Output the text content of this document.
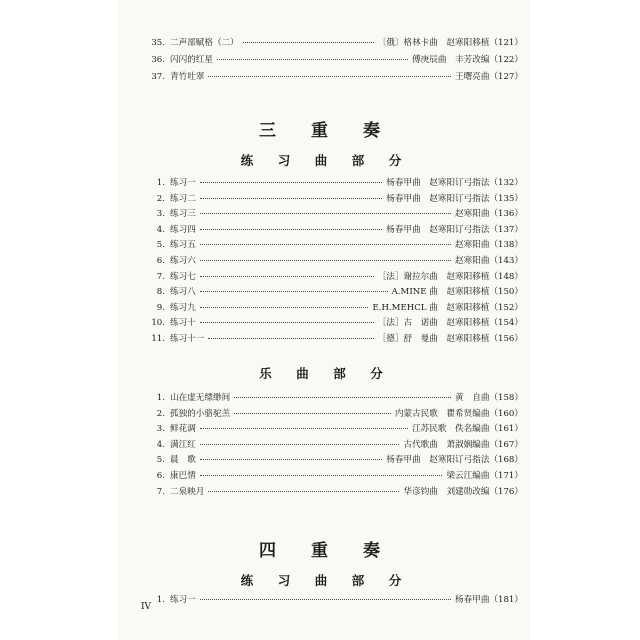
35. 二声部赋格（二）	〔俄〕格林卡曲　赵寒阳移植（121）
36. 闪闪的红星	傅庚辰曲　丰芳改编（122）
37. 青竹吐翠	王曙亮曲（127）
三　重　奏
练　习　曲　部　分
1. 练习一	杨春甲曲　赵寒阳订弓指法（132）
2. 练习二	杨春甲曲　赵寒阳订弓指法（135）
3. 练习三	赵寒阳曲（136）
4. 练习四	杨春甲曲　赵寒阳订弓指法（137）
5. 练习五	赵寒阳曲（138）
6. 练习六	赵寒阳曲（143）
7. 练习七	［法］谢拉尔曲　赵寒阳移植（148）
8. 练习八	A.MINE 曲　赵寒阳移植（150）
9. 练习九	E.H.MEHCL 曲　赵寒阳移植（152）
10. 练习十	［法］古　诺曲　赵寒阳移植（154）
11. 练习十一	［德］舒　曼曲　赵寒阳移植（156）
乐　曲　部　分
1. 山在虚无缥缈间	黄　自曲（158）
2. 孤独的小骆驼羔	内蒙古民歌　瞿希贤编曲（160）
3. 鲜花调	江苏民歌　佚名编曲（161）
4. 满江红	古代歌曲　萧淑娴编曲（167）
5. 晨　歌	杨春甲曲　赵寒阳订弓指法（168）
6. 康巴情	梁云江编曲（171）
7. 二泉映月	华彦钧曲　刘建勋改编（176）
四　重　奏
练　习　曲　部　分
1. 练习一	杨春甲曲（181）
IV
